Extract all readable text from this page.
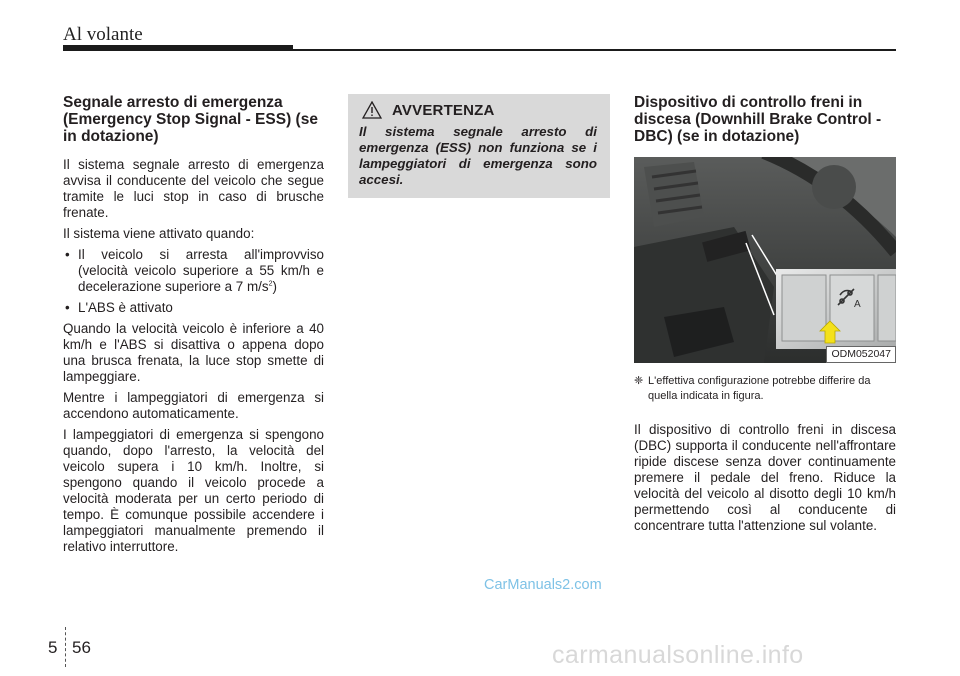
Al volante
Segnale arresto di emergenza (Emergency Stop Signal - ESS) (se in dotazione)

Il sistema segnale arresto di emergenza avvisa il conducente del veicolo che segue tramite le luci stop in caso di brusche frenate.

Il sistema viene attivato quando:

• Il veicolo si arresta all'improvviso (velocità veicolo superiore a 55 km/h e decelerazione superiore a 7 $m/s^2$)
• L'ABS è attivato

Quando la velocità veicolo è inferiore a 40 km/h e l'ABS si disattiva o appena dopo una brusca frenata, la luce stop smette di lampeggiare.

Mentre i lampeggiatori di emergenza si accendono automaticamente.

I lampeggiatori di emergenza si spengono quando, dopo l'arresto, la velocità del veicolo supera i 10 km/h. Inoltre, si spengono quando il veicolo procede a velocità moderata per un certo periodo di tempo. È comunque possibile accendere i lampeggiatori manualmente premendo il relativo interruttore.

AVVERTENZA
Il sistema segnale arresto di emergenza (ESS) non funziona se i lampeggiatori di emergenza sono accesi.
Dispositivo di controllo freni in discesa (Downhill Brake Control -DBC) (se in dotazione)
A
ODM052047
❈ L'effettiva configurazione potrebbe differire da quella indicata in figura.

Il dispositivo di controllo freni in discesa (DBC) supporta il conducente nell'affrontare ripide discese senza dover continuamente premere il pedale del freno. Riduce la velocità del veicolo al disotto degli 10 km/h permettendo così al conducente di concentrare tutta l'attenzione sul volante.

CarManuals2.com
5 56	carmanualsonline.info
